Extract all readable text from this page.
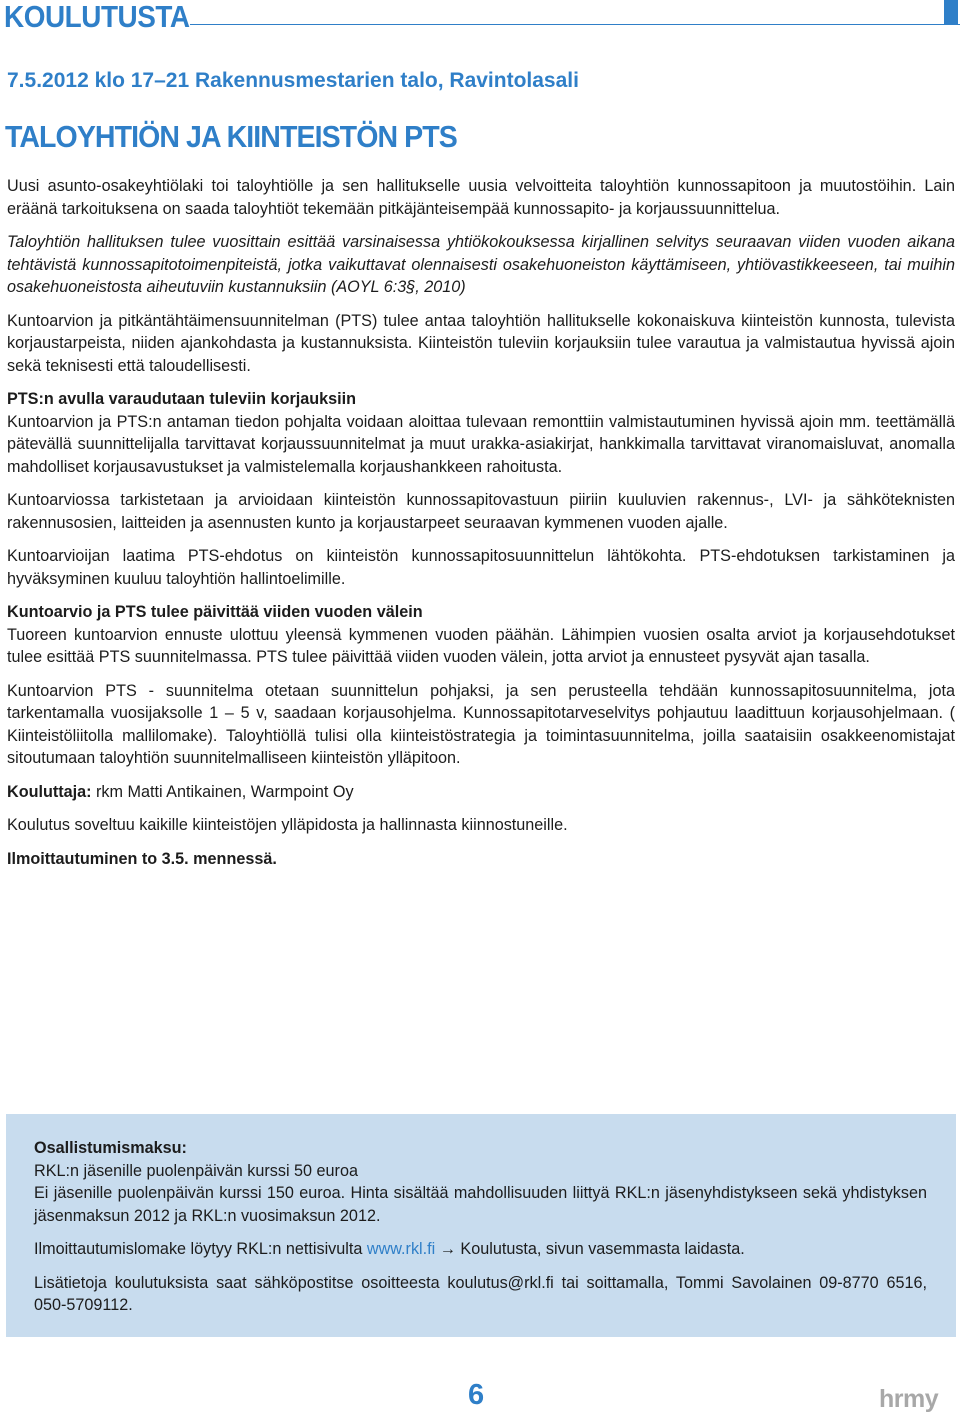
KOULUTUSTA
7.5.2012 klo 17–21 Rakennusmestarien talo, Ravintolasali
TALOYHTIÖN JA KIINTEISTÖN PTS

Uusi asunto-osakeyhtiölaki toi taloyhtiölle ja sen hallitukselle uusia velvoitteita taloyhtiön kunnossapitoon ja muutostöihin. Lain eräänä tarkoituksena on saada taloyhtiöt tekemään pitkäjänteisempää kunnossapito- ja korjaussuunnittelua.

Taloyhtiön hallituksen tulee vuosittain esittää varsinaisessa yhtiökokouksessa kirjallinen selvitys seuraavan viiden vuoden aikana tehtävistä kunnossapitotoimenpiteistä, jotka vaikuttavat olennaisesti osakehuoneiston käyttämiseen, yhtiövastikkeeseen, tai muihin osakehuoneistosta aiheutuviin kustannuksiin (AOYL 6:3§, 2010)

Kuntoarvion ja pitkäntähtäimensuunnitelman (PTS) tulee antaa taloyhtiön hallitukselle kokonaiskuva kiinteistön kunnosta, tulevista korjaustarpeista, niiden ajankohdasta ja kustannuksista. Kiinteistön tuleviin korjauksiin tulee varautua ja valmistautua hyvissä ajoin sekä teknisesti että taloudellisesti.

PTS:n avulla varaudutaan tuleviin korjauksiin

Kuntoarvion ja PTS:n antaman tiedon pohjalta voidaan aloittaa tulevaan remonttiin valmistautuminen hyvissä ajoin mm. teettämällä pätevällä suunnittelijalla tarvittavat korjaussuunnitelmat ja muut urakka-asiakirjat, hankkimalla tarvittavat viranomaisluvat, anomalla mahdolliset korjausavustukset ja valmistelemalla korjaushankkeen rahoitusta.

Kuntoarviossa tarkistetaan ja arvioidaan kiinteistön kunnossapitovastuun piiriin kuuluvien rakennus-, LVI- ja sähköteknisten rakennusosien, laitteiden ja asennusten kunto ja korjaustarpeet seuraavan kymmenen vuoden ajalle.

Kuntoarvioijan laatima PTS-ehdotus on kiinteistön kunnossapitosuunnittelun lähtökohta. PTS-ehdotuksen tarkistaminen ja hyväksyminen kuuluu taloyhtiön hallintoelimille.

Kuntoarvio ja PTS tulee päivittää viiden vuoden välein

Tuoreen kuntoarvion ennuste ulottuu yleensä kymmenen vuoden päähän. Lähimpien vuosien osalta arviot ja korjausehdotukset tulee esittää PTS suunnitelmassa. PTS tulee päivittää viiden vuoden välein, jotta arviot ja ennusteet pysyvät ajan tasalla.

Kuntoarvion PTS - suunnitelma otetaan suunnittelun pohjaksi, ja sen perusteella tehdään kunnossapitosuunnitelma, jota tarkentamalla vuosijaksolle 1 – 5 v, saadaan korjausohjelma. Kunnossapitotarveselvitys pohjautuu laadittuun korjausohjelmaan. ( Kiinteistöliitolla mallilomake). Taloyhtiöllä tulisi olla kiinteistöstrategia ja toimintasuunnitelma, joilla saataisiin osakkeenomistajat sitoutumaan taloyhtiön suunnitelmalliseen kiinteistön ylläpitoon.

Kouluttaja: rkm Matti Antikainen, Warmpoint Oy

Koulutus soveltuu kaikille kiinteistöjen ylläpidosta ja hallinnasta kiinnostuneille.

Ilmoittautuminen to 3.5. mennessä.

Osallistumismaksu:
RKL:n jäsenille puolenpäivän kurssi 50 euroa

Ei jäsenille puolenpäivän kurssi 150 euroa. Hinta sisältää mahdollisuuden liittyä RKL:n jäsenyhdistykseen sekä yhdistyksen jäsenmaksun 2012 ja RKL:n vuosimaksun 2012.

Ilmoittautumislomake löytyy RKL:n nettisivulta www.rkl.fi → Koulutusta, sivun vasemmasta laidasta.

Lisätietoja koulutuksista saat sähköpostitse osoitteesta koulutus@rkl.fi tai soittamalla, Tommi Savolainen 09-8770 6516, 050-5709112.

6	hrmy
